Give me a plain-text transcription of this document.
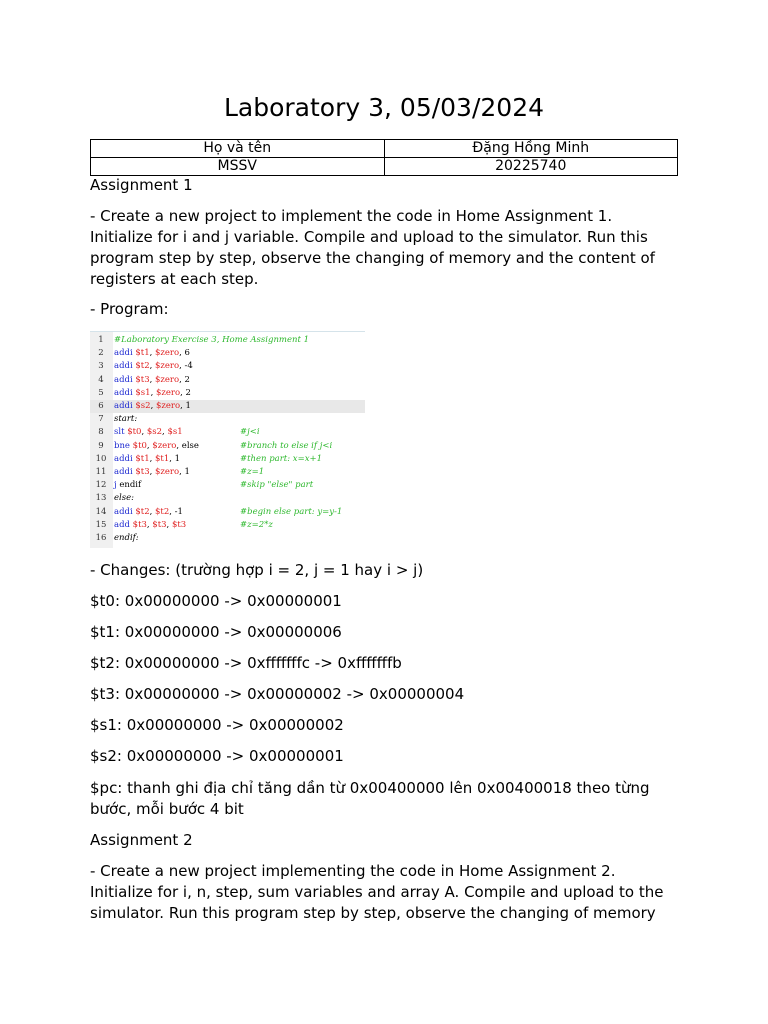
Laboratory 3, 05/03/2024
Họ và tên	Đặng Hồng Minh
MSSV	20225740

Assignment 1

- Create a new project to implement the code in Home Assignment 1. Initialize for i and j variable. Compile and upload to the simulator. Run this program step by step, observe the changing of memory and the content of registers at each step.

- Program:

1	#Laboratory Exercise 3, Home Assignment 1
2	addi $t1, $zero, 6
3	addi $t2, $zero, -4
4	addi $t3, $zero, 2
5	addi $s1, $zero, 2
6	addi $s2, $zero, 1
7	start:
8	slt $t0, $s2, $s1	#j<i
9	bne $t0, $zero, else	#branch to else if j<i
10 addi $t1, $t1, 1	#then part: x=x+1
11 addi $t3, $zero, 1	#z=1
12 j endif	#skip "else" part
13 else:
14 addi $t2, $t2, -1	#begin else part: y=y-1
15 add $t3, $t3, $t3	#z=2*z
16 endif:

- Changes: (trường hợp i = 2, j = 1 hay i > j)

$t0: 0x00000000 -> 0x00000001

$t1: 0x00000000 -> 0x00000006

$t2: 0x00000000 -> 0xfffffffc -> 0xfffffffb

$t3: 0x00000000 -> 0x00000002 -> 0x00000004

$s1: 0x00000000 -> 0x00000002

$s2: 0x00000000 -> 0x00000001

$pc: thanh ghi địa chỉ tăng dần từ 0x00400000 lên 0x00400018 theo từng bước, mỗi bước 4 bit

Assignment 2

- Create a new project implementing the code in Home Assignment 2. Initialize for i, n, step, sum variables and array A. Compile and upload to the simulator. Run this program step by step, observe the changing of memory
